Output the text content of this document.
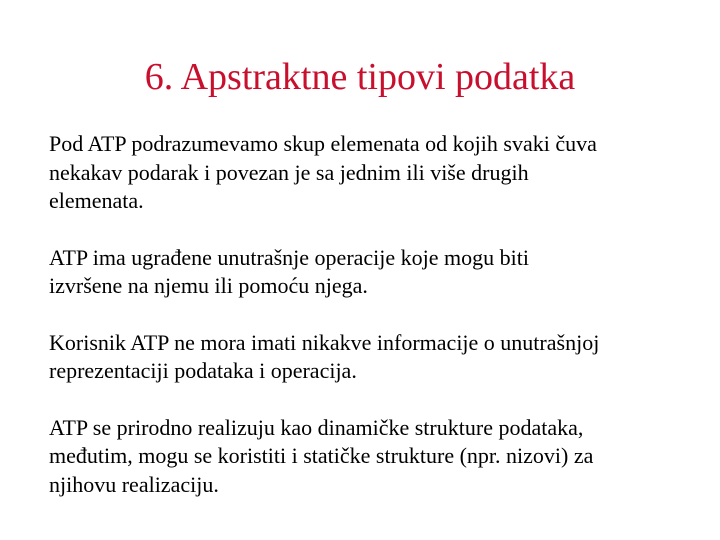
6. Apstraktne tipovi podatka

Pod ATP podrazumevamo skup elemenata od kojih svaki čuva
nekakav podarak i povezan je sa jednim ili više drugih
elemenata.

ATP ima ugrađene unutrašnje operacije koje mogu biti
izvršene na njemu ili pomoću njega.

Korisnik ATP ne mora imati nikakve informacije o unutrašnjoj
reprezentaciji podataka i operacija.

ATP se prirodno realizuju kao dinamičke strukture podataka,
međutim, mogu se koristiti i statičke strukture (npr. nizovi) za
njihovu realizaciju.
